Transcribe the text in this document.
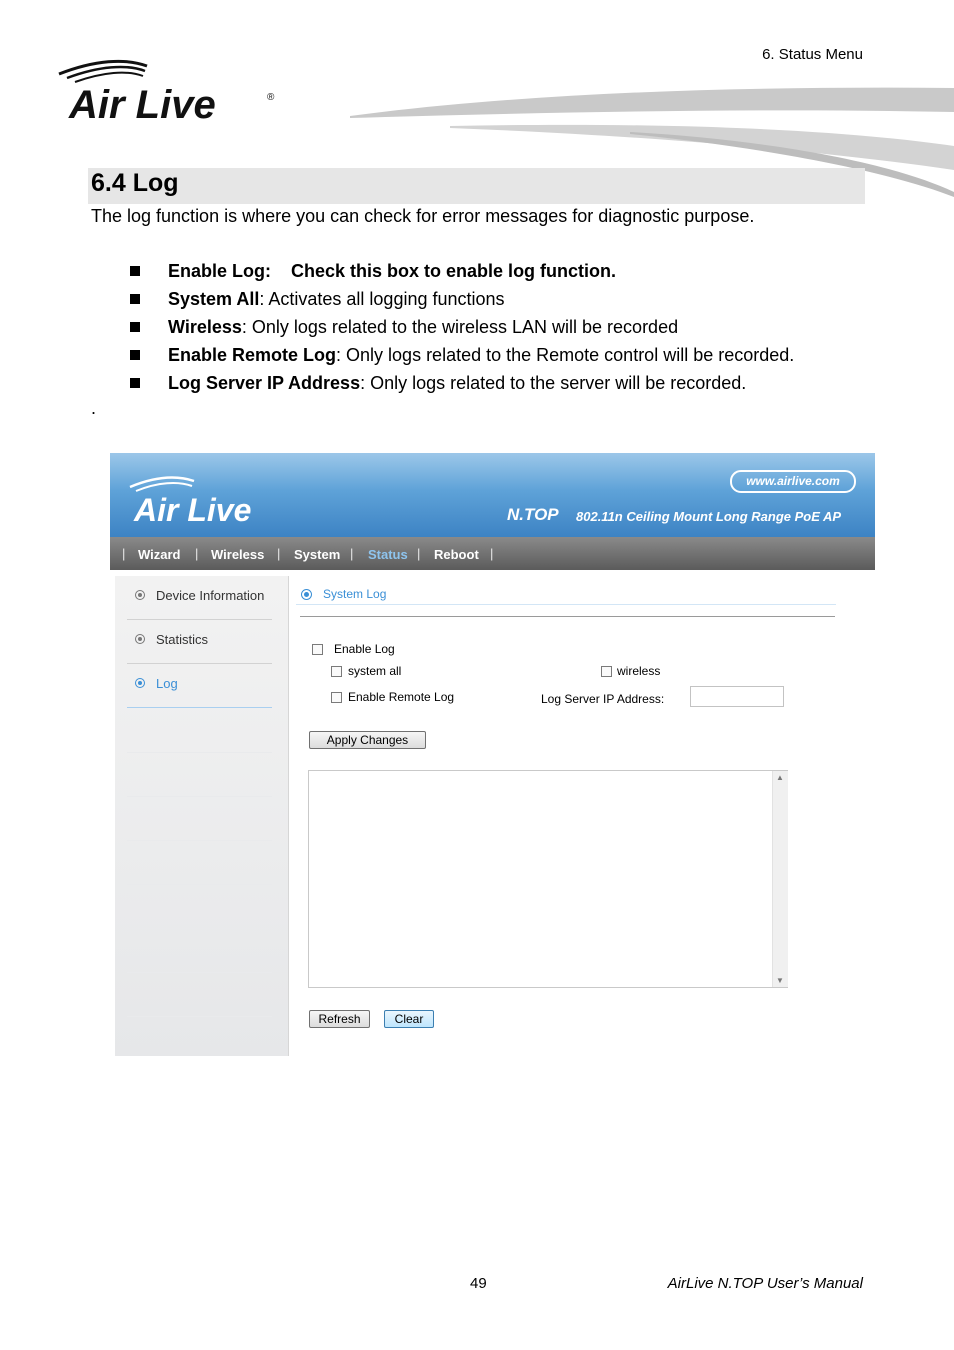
6. Status Menu
Air Live	®
6.4 Log
The log function is where you can check for error messages for diagnostic purpose.
Enable Log: Check this box to enable log function.
System All: Activates all logging functions
Wireless: Only logs related to the wireless LAN will be recorded
Enable Remote Log: Only logs related to the Remote control will be recorded.
Log Server IP Address: Only logs related to the server will be recorded.
.
Air Live
www.airlive.com
N.TOP 802.11n Ceiling Mount Long Range PoE AP
| Wizard | Wireless | System | Status | Reboot |
Device Information
Statistics
Log
System Log
Enable Log
system all	wireless
Enable Remote Log	Log Server IP Address:
Apply Changes
▲
▼
Refresh	Clear
49	AirLive N.TOP User’s Manual
